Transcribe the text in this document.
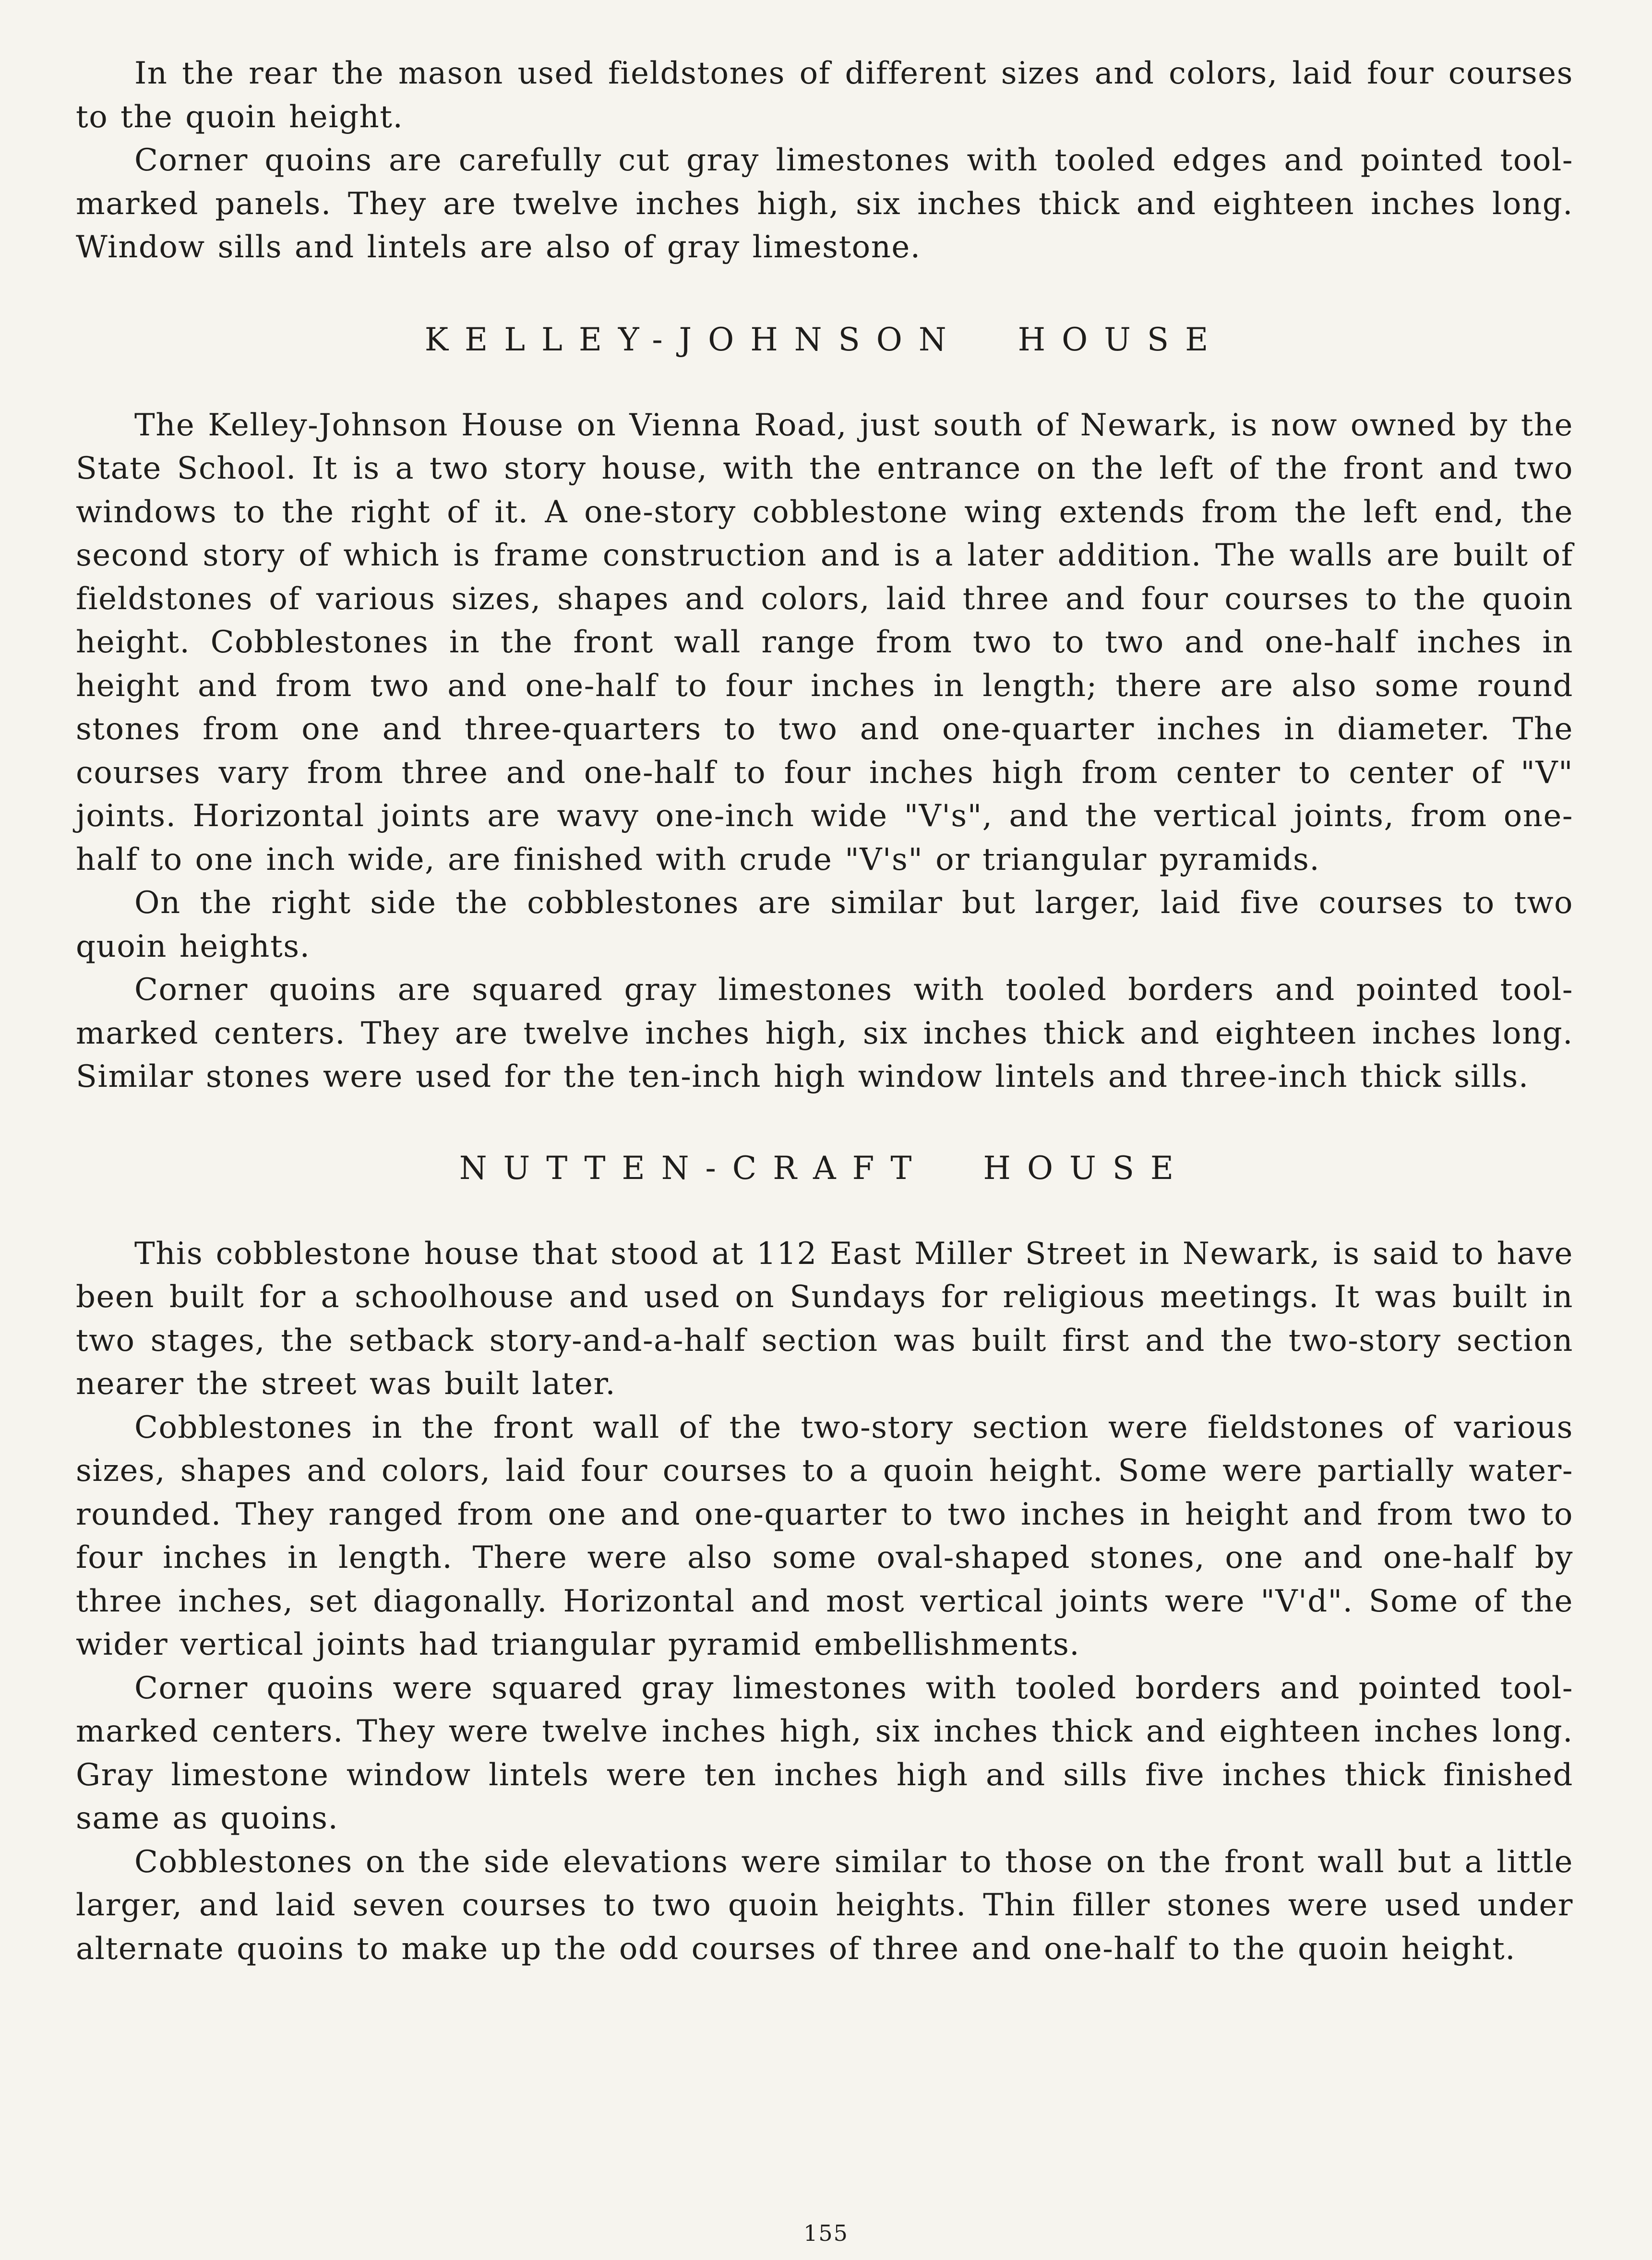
In the rear the mason used fieldstones of different sizes and colors, laid four courses to the quoin height.

Corner quoins are carefully cut gray limestones with tooled edges and pointed tool-marked panels. They are twelve inches high, six inches thick and eighteen inches long. Window sills and lintels are also of gray limestone.

KELLEY-JOHNSON HOUSE

The Kelley-Johnson House on Vienna Road, just south of Newark, is now owned by the State School. It is a two story house, with the entrance on the left of the front and two windows to the right of it. A one-story cobblestone wing extends from the left end, the second story of which is frame construction and is a later addition. The walls are built of fieldstones of various sizes, shapes and colors, laid three and four courses to the quoin height. Cobblestones in the front wall range from two to two and one-half inches in height and from two and one-half to four inches in length; there are also some round stones from one and three-quarters to two and one-quarter inches in diameter. The courses vary from three and one-half to four inches high from center to center of "V" joints. Horizontal joints are wavy one-inch wide "V's", and the vertical joints, from one-half to one inch wide, are finished with crude "V's" or triangular pyramids.

On the right side the cobblestones are similar but larger, laid five courses to two quoin heights.

Corner quoins are squared gray limestones with tooled borders and pointed tool-marked centers. They are twelve inches high, six inches thick and eighteen inches long. Similar stones were used for the ten-inch high window lintels and three-inch thick sills.

NUTTEN-CRAFT HOUSE

This cobblestone house that stood at 112 East Miller Street in Newark, is said to have been built for a schoolhouse and used on Sundays for religious meetings. It was built in two stages, the setback story-and-a-half section was built first and the two-story section nearer the street was built later.

Cobblestones in the front wall of the two-story section were fieldstones of various sizes, shapes and colors, laid four courses to a quoin height. Some were partially water-rounded. They ranged from one and one-quarter to two inches in height and from two to four inches in length. There were also some oval-shaped stones, one and one-half by three inches, set diagonally. Horizontal and most vertical joints were "V'd". Some of the wider vertical joints had triangular pyramid embellishments.

Corner quoins were squared gray limestones with tooled borders and pointed tool-marked centers. They were twelve inches high, six inches thick and eighteen inches long. Gray limestone window lintels were ten inches high and sills five inches thick finished same as quoins.

Cobblestones on the side elevations were similar to those on the front wall but a little larger, and laid seven courses to two quoin heights. Thin filler stones were used under alternate quoins to make up the odd courses of three and one-half to the quoin height.

155
